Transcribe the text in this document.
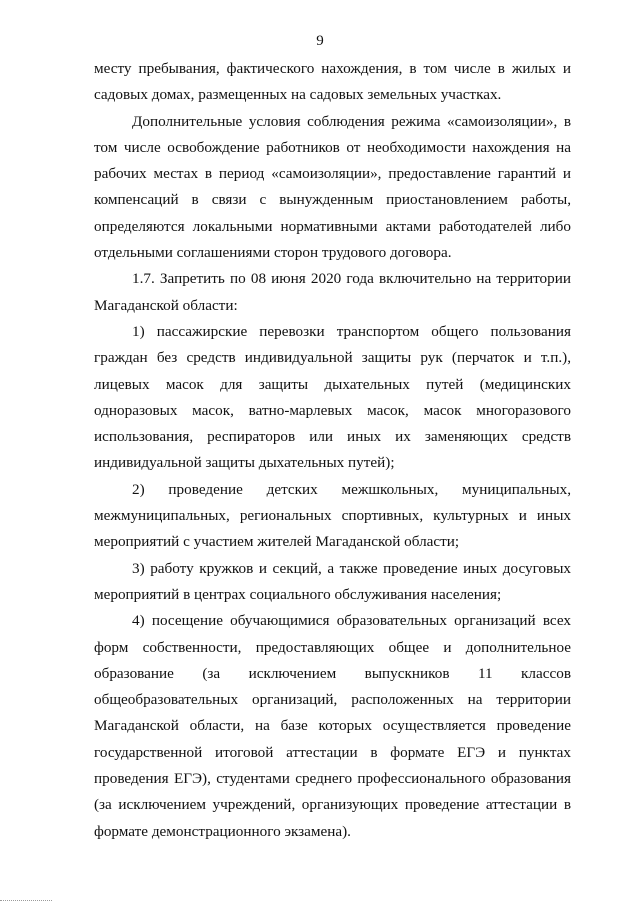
9

месту пребывания, фактического нахождения, в том числе в жилых и садовых домах, размещенных на садовых земельных участках.

Дополнительные условия соблюдения режима «самоизоляции», в том числе освобождение работников от необходимости нахождения на рабочих местах в период «самоизоляции», предоставление гарантий и компенсаций в связи с вынужденным приостановлением работы, определяются локальными нормативными актами работодателей либо отдельными соглашениями сторон трудового договора.

1.7. Запретить по 08 июня 2020 года включительно на территории Магаданской области:

1) пассажирские перевозки транспортом общего пользования граждан без средств индивидуальной защиты рук (перчаток и т.п.), лицевых масок для защиты дыхательных путей (медицинских одноразовых масок, ватно-марлевых масок, масок многоразового использования, респираторов или иных их заменяющих средств индивидуальной защиты дыхательных путей);

2) проведение детских межшкольных, муниципальных, межмуниципальных, региональных спортивных, культурных и иных мероприятий с участием жителей Магаданской области;

3) работу кружков и секций, а также проведение иных досуговых мероприятий в центрах социального обслуживания населения;

4) посещение обучающимися образовательных организаций всех форм собственности, предоставляющих общее и дополнительное образование (за исключением выпускников 11 классов общеобразовательных организаций, расположенных на территории Магаданской области, на базе которых осуществляется проведение государственной итоговой аттестации в формате ЕГЭ и пунктах проведения ЕГЭ), студентами среднего профессионального образования (за исключением учреждений, организующих проведение аттестации в формате демонстрационного экзамена).
